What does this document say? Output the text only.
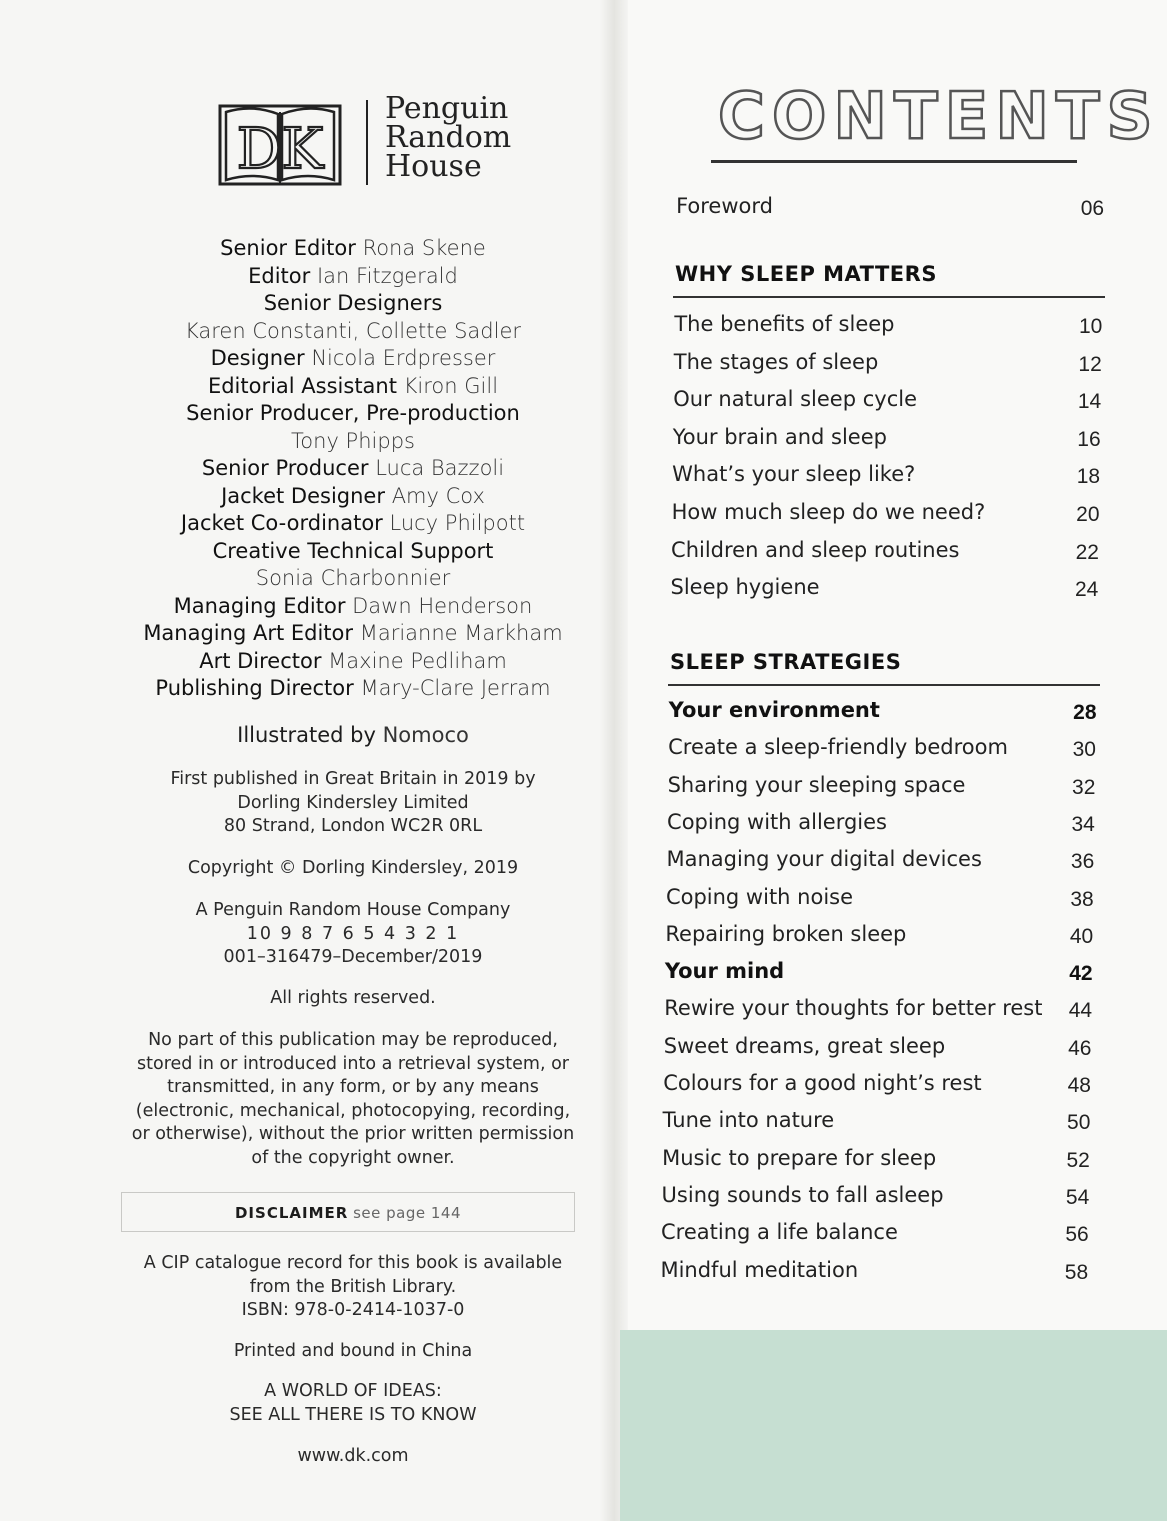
DK
Penguin
Random
House
Senior Editor Rona Skene
Editor Ian Fitzgerald
Senior Designers
Karen Constanti, Collette Sadler
Designer Nicola Erdpresser
Editorial Assistant Kiron Gill
Senior Producer, Pre-production
Tony Phipps
Senior Producer Luca Bazzoli
Jacket Designer Amy Cox
Jacket Co-ordinator Lucy Philpott
Creative Technical Support
Sonia Charbonnier
Managing Editor Dawn Henderson
Managing Art Editor Marianne Markham
Art Director Maxine Pedliham
Publishing Director Mary-Clare Jerram
Illustrated by Nomoco
First published in Great Britain in 2019 by
Dorling Kindersley Limited
80 Strand, London WC2R 0RL
Copyright © Dorling Kindersley, 2019
A Penguin Random House Company
10 9 8 7 6 5 4 3 2 1
001–316479–December/2019
All rights reserved.
No part of this publication may be reproduced,
stored in or introduced into a retrieval system, or
transmitted, in any form, or by any means
(electronic, mechanical, photocopying, recording,
or otherwise), without the prior written permission
of the copyright owner.
DISCLAIMER see page 144
A CIP catalogue record for this book is available
from the British Library.
ISBN: 978-0-2414-1037-0
Printed and bound in China
A WORLD OF IDEAS:
SEE ALL THERE IS TO KNOW
www.dk.com
CONTENTS
Foreword	06
WHY SLEEP MATTERS
The benefits of sleep	10
The stages of sleep	12
Our natural sleep cycle	14
Your brain and sleep	16
What’s your sleep like?	18
How much sleep do we need?	20
Children and sleep routines	22
Sleep hygiene	24
SLEEP STRATEGIES
Your environment	28
Create a sleep-friendly bedroom	30
Sharing your sleeping space	32
Coping with allergies	34
Managing your digital devices	36
Coping with noise	38
Repairing broken sleep	40
Your mind	42
Rewire your thoughts for better rest	44
Sweet dreams, great sleep	46
Colours for a good night’s rest	48
Tune into nature	50
Music to prepare for sleep	52
Using sounds to fall asleep	54
Creating a life balance	56
Mindful meditation	58
